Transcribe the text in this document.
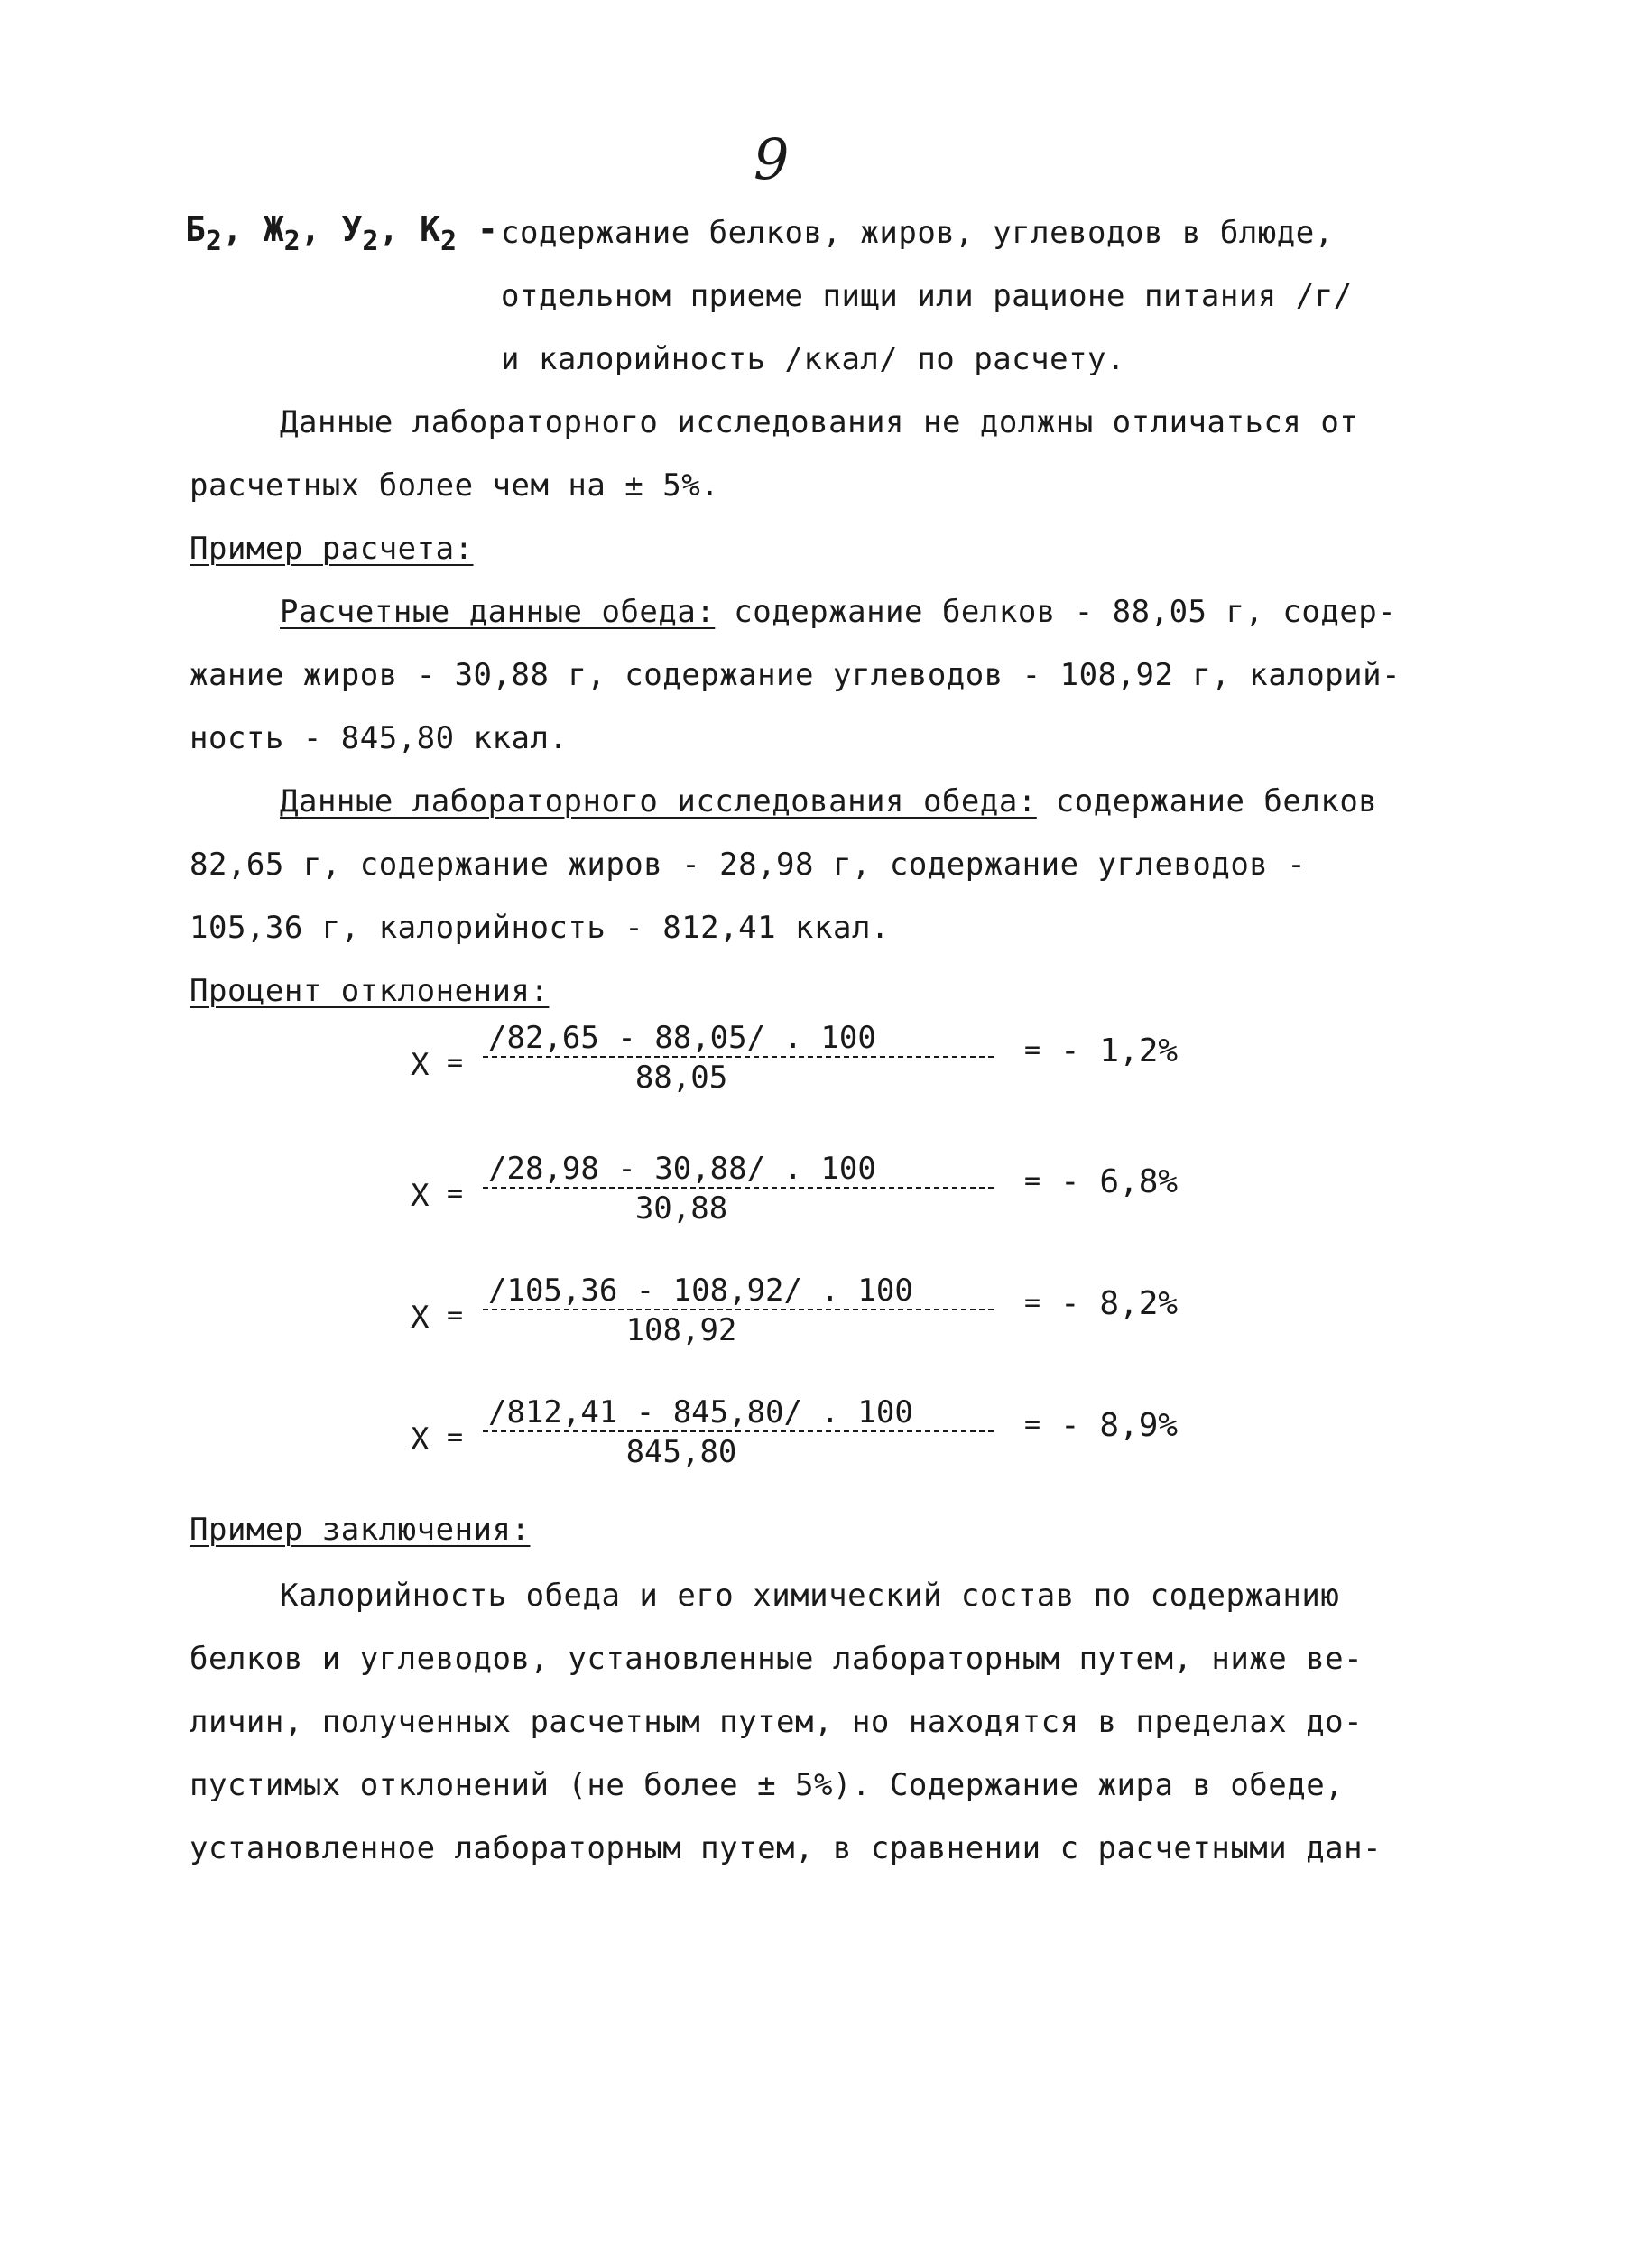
9
$Б_2$, $Ж_2$, $У_2$, $К_2$ - содержание белков, жиров, углеводов в блюде,
отдельном приеме пищи или рационе питания /г/
и калорийность /ккал/ по расчету.
Данные лабораторного исследования не должны отличаться от
расчетных более чем на ± 5%.
Пример расчета:
Расчетные данные обеда: содержание белков - 88,05 г, содер-
жание жиров - 30,88 г, содержание углеводов - 108,92 г, калорий-
ность - 845,80 ккал.
Данные лабораторного исследования обеда: содержание белков
82,65 г, содержание жиров - 28,98 г, содержание углеводов -
105,36 г, калорийность - 812,41 ккал.
Процент отклонения:
X =
/82,65 - 88,05/ . 100
88,05
= - 1,2%
X =
/28,98 - 30,88/ . 100
30,88
= - 6,8%
X =
/105,36 - 108,92/ . 100
108,92
= - 8,2%
X =
/812,41 - 845,80/ . 100
845,80
= - 8,9%
Пример заключения:
Калорийность обеда и его химический состав по содержанию
белков и углеводов, установленные лабораторным путем, ниже ве-
личин, полученных расчетным путем, но находятся в пределах до-
пустимых отклонений (не более ± 5%). Содержание жира в обеде,
установленное лабораторным путем, в сравнении с расчетными дан-
